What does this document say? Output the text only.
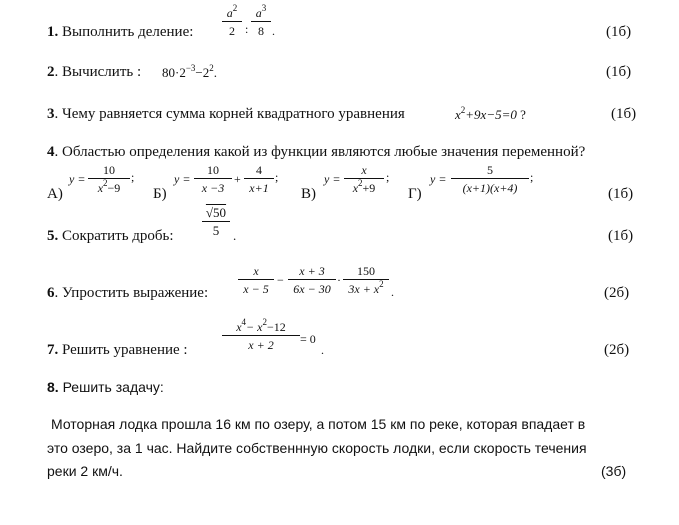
1. Выполнить деление:
$a^2$
2 :
$a^3$
8 .	(1б)
2. Вычислить : $80\cdot 2^{-3}-2^2$.	(1б)
3. Чему равняется сумма корней квадратного уравнения	$x^2+9x-5=0$ ?	(1б)
4. Областью определения какой из функции являются любые значения переменной?
А)
y =
10
$x^2-9$
;
Б)
y =
10
x −3
+
4
x+1
;
В)
y =
x
$x^2+9$
;
Г)
y =
5
(x+1)(x+4)
;
(1б)
5. Сократить дробь:
√50
5	.	(1б)
6. Упростить выражение:
x
x − 5
−
x + 3
6x − 30
·
150
$3x + x^2$
.	(2б)
7. Решить уравнение :
$x^4- x^2-12$
x + 2	= 0
.	(2б)
8. Решить задачу:
Моторная лодка прошла 16 км по озеру, а потом 15 км по реке, которая впадает в
это озеро, за 1 час. Найдите собственнную скорость лодки, если скорость течения
реки 2 км/ч.	(3б)
